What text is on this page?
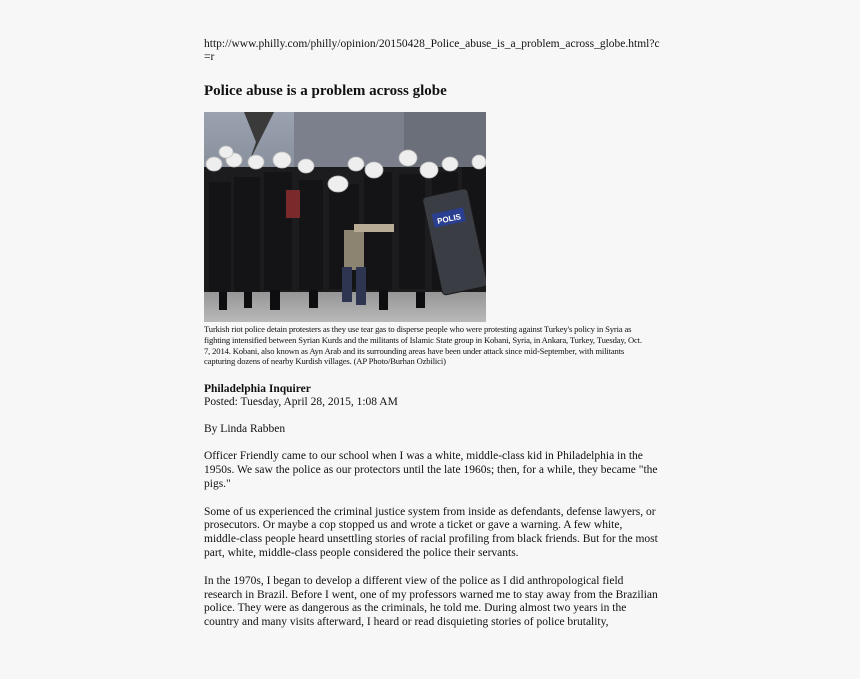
http://www.philly.com/philly/opinion/20150428_Police_abuse_is_a_problem_across_globe.html?c=r

Police abuse is a problem across globe
POLIS
Turkish riot police detain protesters as they use tear gas to disperse people who were protesting against Turkey's policy in Syria as fighting intensified between Syrian Kurds and the militants of Islamic State group in Kobani, Syria, in Ankara, Turkey, Tuesday, Oct. 7, 2014. Kobani, also known as Ayn Arab and its surrounding areas have been under attack since mid-September, with militants capturing dozens of nearby Kurdish villages. (AP Photo/Burhan Ozbilici)
Philadelphia Inquirer
Posted: Tuesday, April 28, 2015, 1:08 AM
By Linda Rabben
Officer Friendly came to our school when I was a white, middle-class kid in Philadelphia in the 1950s. We saw the police as our protectors until the late 1960s; then, for a while, they became "the pigs."
Some of us experienced the criminal justice system from inside as defendants, defense lawyers, or prosecutors. Or maybe a cop stopped us and wrote a ticket or gave a warning. A few white, middle-class people heard unsettling stories of racial profiling from black friends. But for the most part, white, middle-class people considered the police their servants.
In the 1970s, I began to develop a different view of the police as I did anthropological field research in Brazil. Before I went, one of my professors warned me to stay away from the Brazilian police. They were as dangerous as the criminals, he told me. During almost two years in the country and many visits afterward, I heard or read disquieting stories of police brutality,
